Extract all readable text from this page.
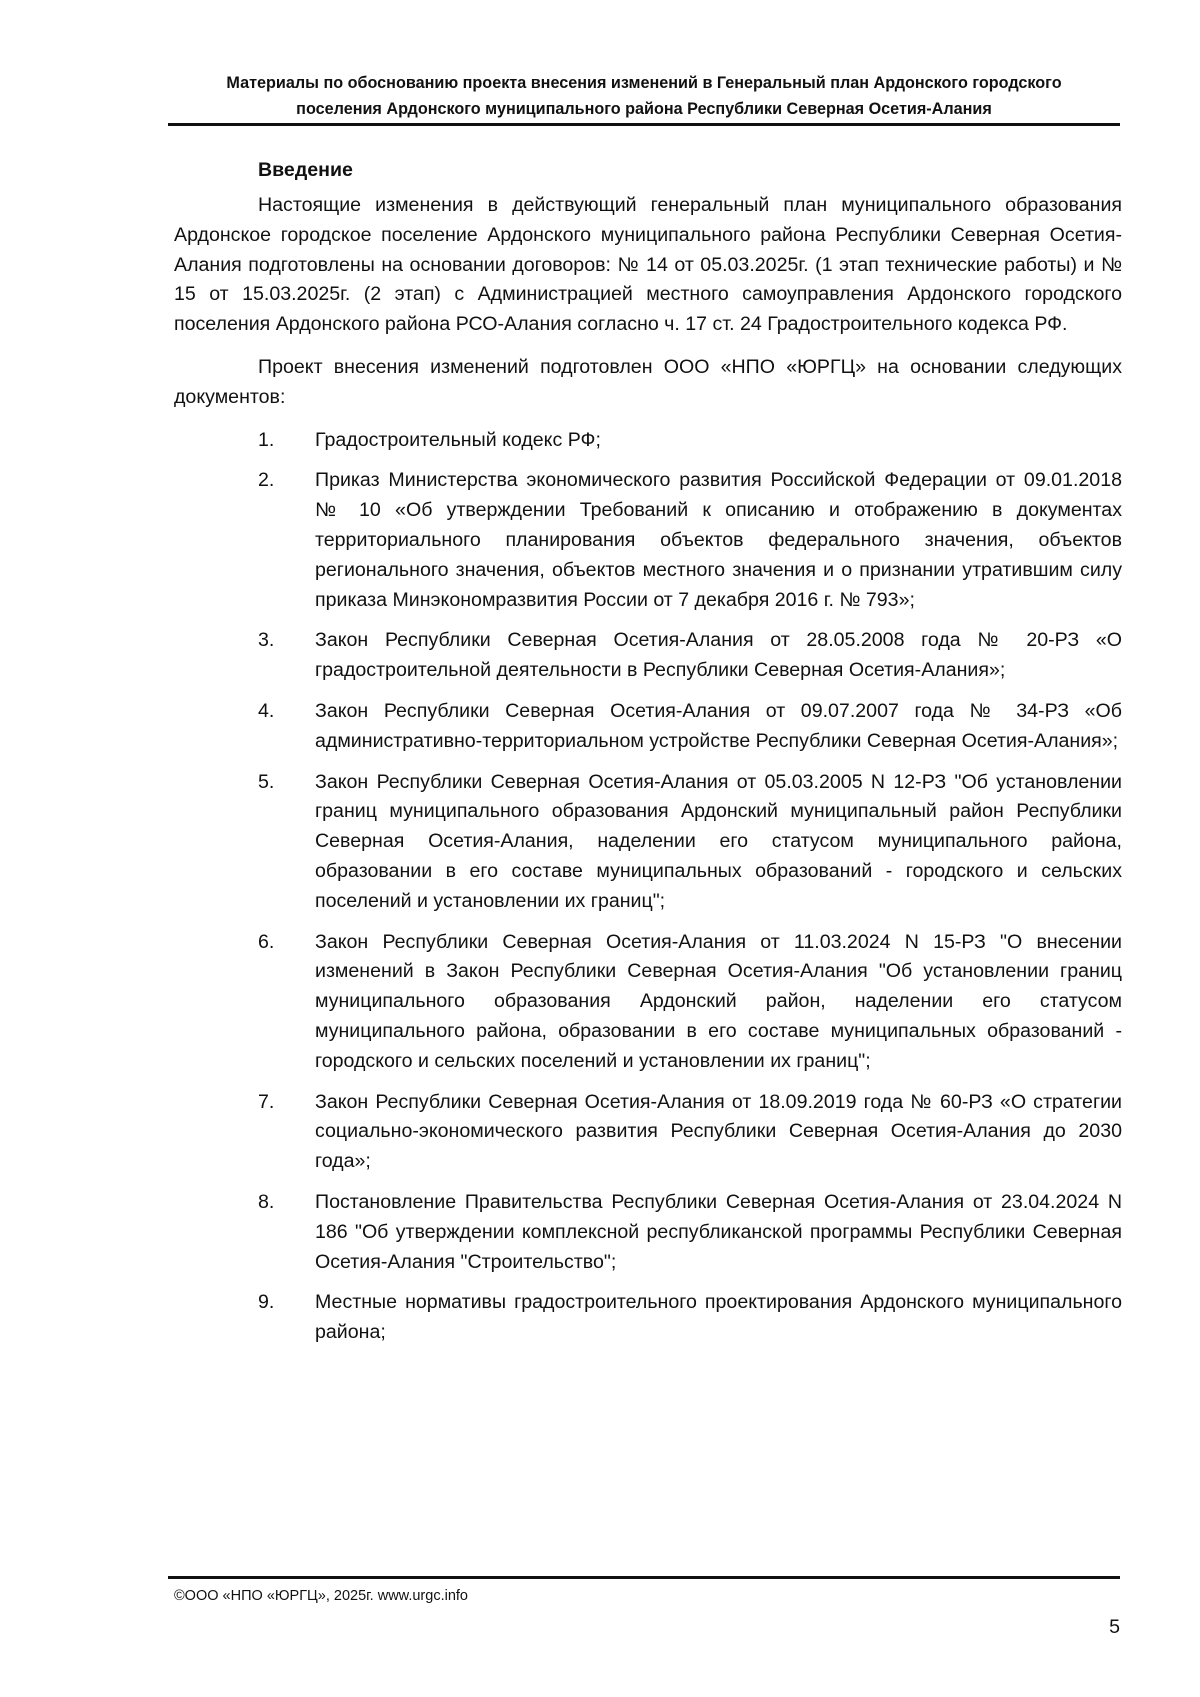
Материалы по обоснованию проекта внесения изменений в Генеральный план Ардонского городского
поселения Ардонского муниципального района Республики Северная Осетия-Алания
Введение

Настоящие изменения в действующий генеральный план муниципального образования Ардонское городское поселение Ардонского муниципального района Республики Северная Осетия-Алания подготовлены на основании договоров: № 14 от 05.03.2025г. (1 этап технические работы) и № 15 от 15.03.2025г. (2 этап) с Администрацией местного самоуправления Ардонского городского поселения Ардонского района РСО-Алания согласно ч. 17 ст. 24 Градостроительного кодекса РФ.

Проект внесения изменений подготовлен ООО «НПО «ЮРГЦ» на основании следующих документов:

1.	Градостроительный кодекс РФ;
2.	Приказ Министерства экономического развития Российской Федерации от 09.01.2018 № 10 «Об утверждении Требований к описанию и отображению в документах территориального планирования объектов федерального значения, объектов регионального значения, объектов местного значения и о признании утратившим силу приказа Минэкономразвития России от 7 декабря 2016 г. № 793»;
3.	Закон Республики Северная Осетия-Алания от 28.05.2008 года № 20-РЗ «О градостроительной деятельности в Республики Северная Осетия-Алания»;
4.	Закон Республики Северная Осетия-Алания от 09.07.2007 года № 34-РЗ «Об административно-территориальном устройстве Республики Северная Осетия-Алания»;
5.	Закон Республики Северная Осетия-Алания от 05.03.2005 N 12-РЗ "Об установлении границ муниципального образования Ардонский муниципальный район Республики Северная Осетия-Алания, наделении его статусом муниципального района, образовании в его составе муниципальных образований - городского и сельских поселений и установлении их границ";
6.	Закон Республики Северная Осетия-Алания от 11.03.2024 N 15-РЗ "О внесении изменений в Закон Республики Северная Осетия-Алания "Об установлении границ муниципального образования Ардонский район, наделении его статусом муниципального района, образовании в его составе муниципальных образований - городского и сельских поселений и установлении их границ";
7.	Закон Республики Северная Осетия-Алания от 18.09.2019 года № 60-РЗ «О стратегии социально-экономического развития Республики Северная Осетия-Алания до 2030 года»;
8.	Постановление Правительства Республики Северная Осетия-Алания от 23.04.2024 N 186 "Об утверждении комплексной республиканской программы Республики Северная Осетия-Алания "Строительство";
9.	Местные нормативы градостроительного проектирования Ардонского муниципального района;
©ООО «НПО «ЮРГЦ», 2025г. www.urgc.info
5
